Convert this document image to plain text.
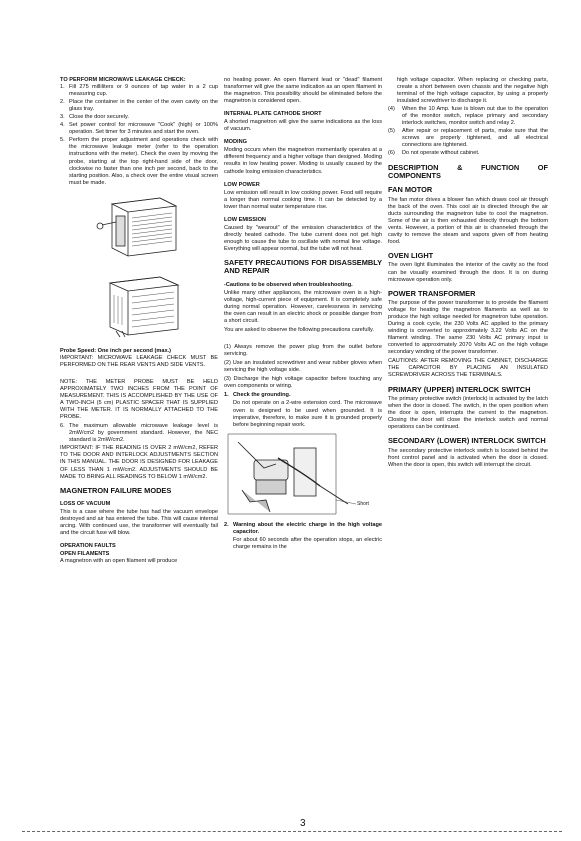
TO PERFORM MICROWAVE LEAKAGE CHECK:

1. Fill 275 milliliters or 9 ounces of tap water in a 2 cup measuring cup.
2. Place the container in the center of the oven cavity on the glass tray.
3. Close the door securely.
4. Set power control for microwave "Cook" (high) or 100% operation. Set timer for 3 minutes and start the oven.
5. Perform the proper adjustment and operations check with the microwave leakage meter (refer to the operation instructions with the meter). Check the oven by moving the probe, starting at the top right-hand side of the door, clockwise no faster than one inch per second, back to the starting position. Also, a check over the entire visual screen must be made.

Probe Speed: One inch per second (max.)

IMPORTANT: MICROWAVE LEAKAGE CHECK MUST BE PERFORMED ON THE REAR VENTS AND SIDE VENTS.

NOTE: THE METER PROBE MUST BE HELD APPROXIMATELY TWO INCHES FROM THE POINT OF MEASUREMENT. THIS IS ACCOMPLISHED BY THE USE OF A TWO-INCH (5 cm) PLASTIC SPACER THAT IS SUPPLIED WITH THE METER. IT IS NORMALLY ATTACHED TO THE PROBE.

6. The maximum allowable microwave leakage level is 2mW/cm2 by government standard. However, the NEC standard is 2mW/cm2.

IMPORTANT: IF THE READING IS OVER 2 mW/cm2, REFER TO THE DOOR AND INTERLOCK ADJUSTMENTS SECTION IN THIS MANUAL. THE DOOR IS DESIGNED FOR LEAKAGE OF LESS THAN 1 mW/cm2. ADJUSTMENTS SHOULD BE MADE TO BRING ALL READINGS TO BELOW 1 mW/cm2.

MAGNETRON FAILURE MODES

LOSS OF VACUUM

This is a case where the tube has had the vacuum envelope destroyed and air has entered the tube. This will cause internal arcing. With continued use, the transformer will eventually fail and the circuit fuse will blow.

OPERATION FAULTS

OPEN FILAMENTS

A magnetron with an open filament will produce

no heating power. An open filament lead or "dead" filament transformer will give the same indication as an open filament in the magnetron. This possibility should be eliminated before the magnetron is considered open.

INTERNAL PLATE CATHODE SHORT

A shorted magnetron will give the same indications as the loss of vacuum.

MODING

Moding occurs when the magnetron momentarily operates at a different frequency and a higher voltage than designed. Moding results in low heating power. Moding is usually caused by the cathode losing emission characteristics.

LOW POWER

Low emission will result in low cooking power. Food will require a longer than normal cooking time. It can be detected by a lower than normal water temperature rise.

LOW EMISSION

Caused by "wearout" of the emission characteristics of the directly heated cathode. The tube current does not get high enough to cause the tube to oscillate with normal line voltage. Everything will appear normal, but the tube will not heat.

SAFETY PRECAUTIONS FOR DISASSEMBLY AND REPAIR

-Cautions to be observed when troubleshooting.

Unlike many other appliances, the microwave oven is a high-voltage, high-current piece of equipment. It is completely safe during normal operation. However, carelessness in servicing the oven can result in an electric shock or possible danger from a short circuit.

You are asked to observe the following precautions carefully.

(1) Always remove the power plug from the outlet before servicing.

(2) Use an insulated screwdriver and wear rubber gloves when servicing the high voltage side.

(3) Discharge the high voltage capacitor before touching any oven components or wiring.

1. Check the grounding.
Do not operate on a 2-wire extension cord. The microwave oven is designed to be used when grounded. It is imperative, therefore, to make sure it is grounded properly before beginning repair work.
Short
2. Warning about the electric charge in the high voltage capacitor.
For about 60 seconds after the operation stops, an electric charge remains in the
high voltage capacitor. When replacing or checking parts, create a short between oven chassis and the negative high terminal of the high voltage capacitor, by using a properly insulated screwdriver to discharge it.
(4)	When the 10 Amp. fuse is blown out due to the operation of the monitor switch, replace primary and secondary interlock switches, monitor switch and relay 2.
(5)	After repair or replacement of parts, make sure that the screws are properly tightened, and all electrical connections are tightened.
(6)	Do not operate without cabinet.

DESCRIPTION & FUNCTION OF COMPONENTS

FAN MOTOR

The fan motor drives a blower fan which draws cool air through the back of the oven. This cool air is directed through the air ducts surrounding the magnetron tube to cool the magnetron. Some of the air is then exhausted directly through the bottom vents. However, a portion of this air is channeled through the cavity to remove the steam and vapors given off from heating food.

OVEN LIGHT

The oven light illuminates the interior of the cavity so the food can be visually examined through the door. It is on during microwave operation only.

POWER TRANSFORMER

The purpose of the power transformer is to provide the filament voltage for heating the magnetron filaments as well as to produce the high voltage needed for magnetron tube operation. During a cook cycle, the 230 Volts AC applied to the primary winding is converted to approximately 3.22 Volts AC on the filament winding. The same 230 Volts AC primary input is converted to approximately 2070 Volts AC on the high voltage secondary winding of the power transformer.

CAUTIONS: AFTER REMOVING THE CABINET, DISCHARGE THE CAPACITOR BY PLACING AN INSULATED SCREWDRIVER ACROSS THE TERMINALS.

PRIMARY (UPPER) INTERLOCK SWITCH

The primary protective switch (interlock) is activated by the latch when the door is closed. The switch, in the open position when the door is open, interrupts the current to the magnetron. Closing the door will close the interlock switch and normal operations can be continued.

SECONDARY (LOWER) INTERLOCK SWITCH

The secondary protective interlock switch is located behind the front control panel and is activated when the door is closed. When the door is open, this switch will interrupt the circuit.

3
